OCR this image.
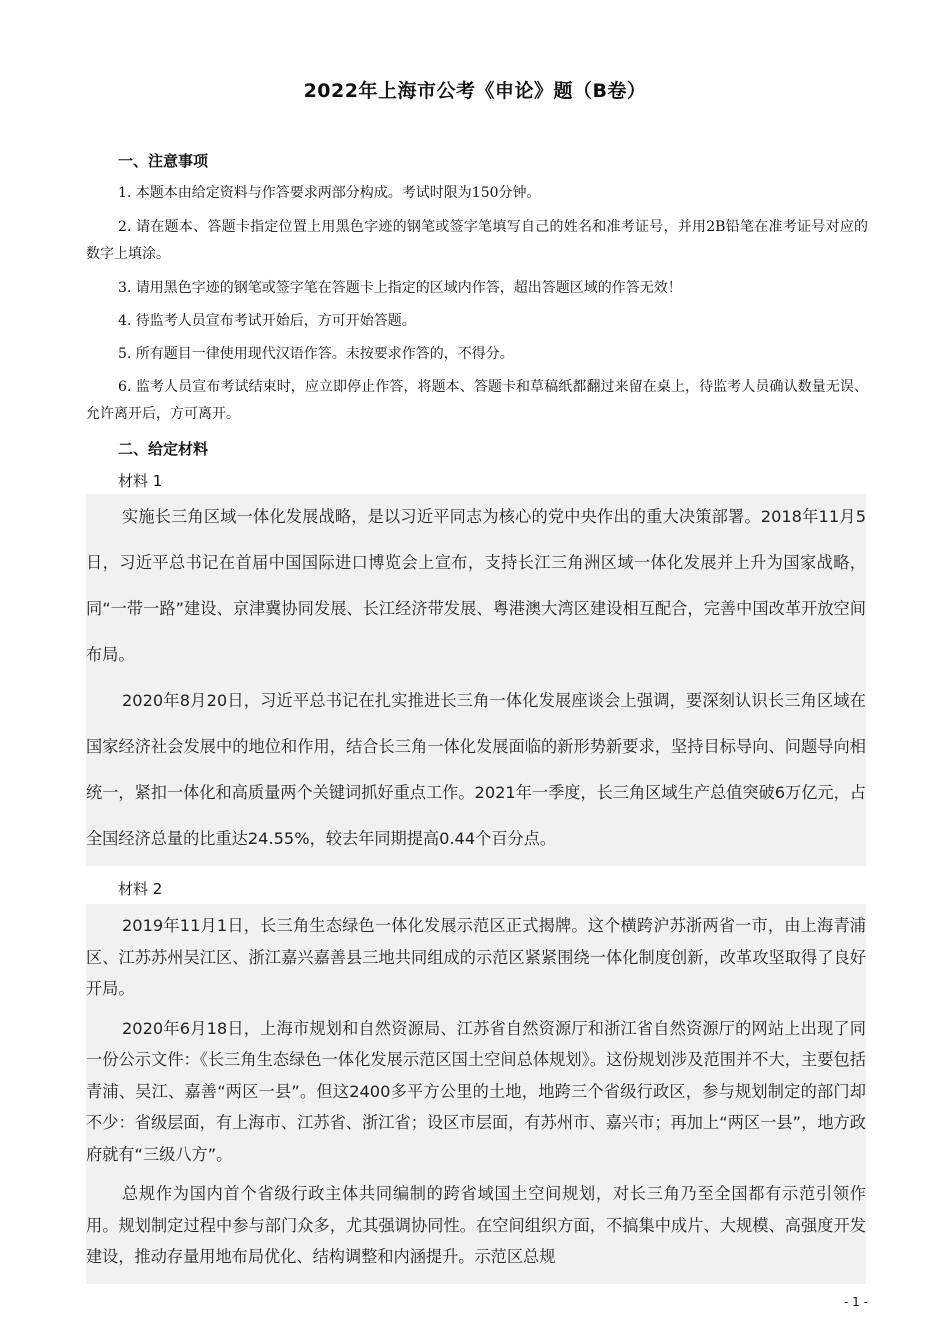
2022年上海市公考《申论》题（B卷）
一、注意事项
1. 本题本由给定资料与作答要求两部分构成。考试时限为150分钟。
2. 请在题本、答题卡指定位置上用黑色字迹的钢笔或签字笔填写自己的姓名和准考证号，并用2B铅笔在准考证号对应的数字上填涂。
3. 请用黑色字迹的钢笔或签字笔在答题卡上指定的区域内作答，超出答题区域的作答无效！
4. 待监考人员宣布考试开始后，方可开始答题。
5. 所有题目一律使用现代汉语作答。未按要求作答的，不得分。
6. 监考人员宣布考试结束时，应立即停止作答，将题本、答题卡和草稿纸都翻过来留在桌上，待监考人员确认数量无误、允许离开后，方可离开。
二、给定材料
材料 1

实施长三角区域一体化发展战略，是以习近平同志为核心的党中央作出的重大决策部署。2018年11月5日，习近平总书记在首届中国国际进口博览会上宣布，支持长江三角洲区域一体化发展并上升为国家战略，同“一带一路”建设、京津冀协同发展、长江经济带发展、粤港澳大湾区建设相互配合，完善中国改革开放空间布局。

2020年8月20日，习近平总书记在扎实推进长三角一体化发展座谈会上强调，要深刻认识长三角区域在国家经济社会发展中的地位和作用，结合长三角一体化发展面临的新形势新要求，坚持目标导向、问题导向相统一，紧扣一体化和高质量两个关键词抓好重点工作。2021年一季度，长三角区域生产总值突破6万亿元，占全国经济总量的比重达24.55%，较去年同期提高0.44个百分点。

材料 2

2019年11月1日，长三角生态绿色一体化发展示范区正式揭牌。这个横跨沪苏浙两省一市，由上海青浦区、江苏苏州吴江区、浙江嘉兴嘉善县三地共同组成的示范区紧紧围绕一体化制度创新，改革攻坚取得了良好开局。

2020年6月18日，上海市规划和自然资源局、江苏省自然资源厅和浙江省自然资源厅的网站上出现了同一份公示文件：《长三角生态绿色一体化发展示范区国土空间总体规划》。这份规划涉及范围并不大，主要包括青浦、吴江、嘉善“两区一县”。但这2400多平方公里的土地，地跨三个省级行政区，参与规划制定的部门却不少：省级层面，有上海市、江苏省、浙江省；设区市层面，有苏州市、嘉兴市；再加上“两区一县”，地方政府就有“三级八方”。

总规作为国内首个省级行政主体共同编制的跨省域国土空间规划，对长三角乃至全国都有示范引领作用。规划制定过程中参与部门众多，尤其强调协同性。在空间组织方面，不搞集中成片、大规模、高强度开发建设，推动存量用地布局优化、结构调整和内涵提升。示范区总规

- 1 -
